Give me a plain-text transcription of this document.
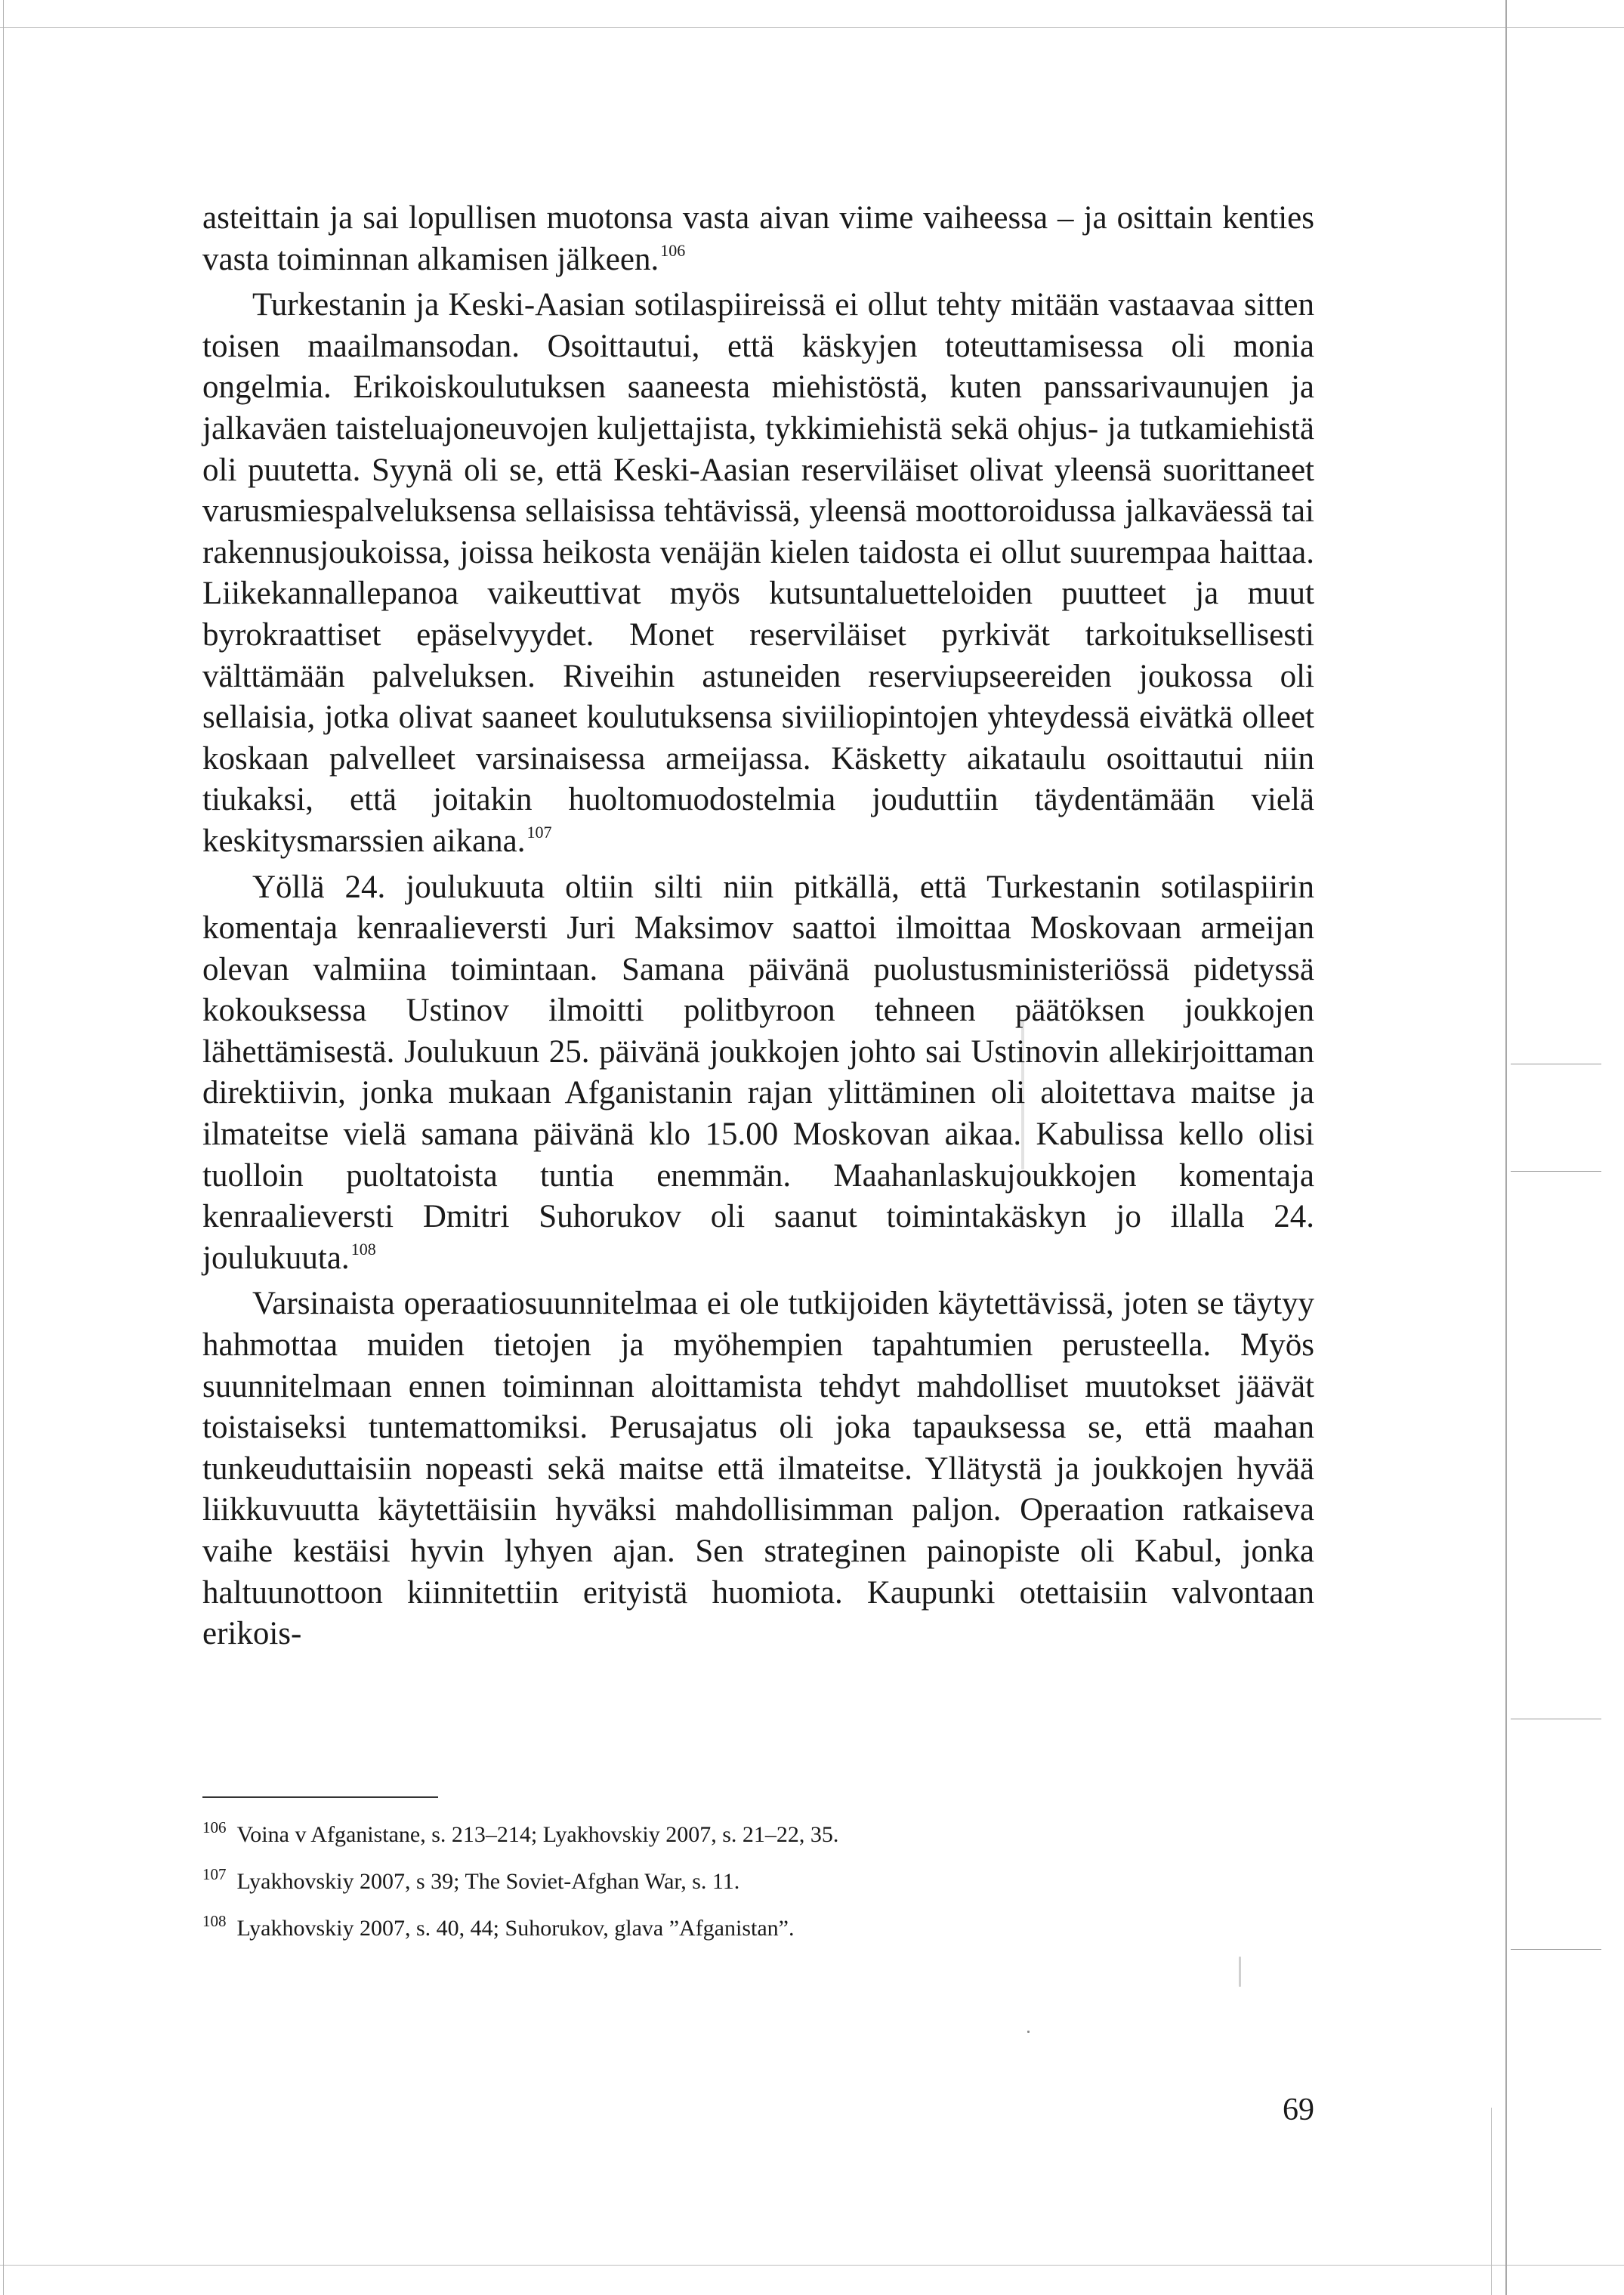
asteittain ja sai lopullisen muotonsa vasta aivan viime vaiheessa – ja osittain kenties vasta toiminnan alkamisen jälkeen.$^{106}$

Turkestanin ja Keski-Aasian sotilaspiireissä ei ollut tehty mitään vastaavaa sitten toisen maailmansodan. Osoittautui, että käskyjen toteuttamisessa oli monia ongelmia. Erikoiskoulutuksen saaneesta miehistöstä, kuten panssarivaunujen ja jalkaväen taisteluajoneuvojen kuljettajista, tykkimiehistä sekä ohjus- ja tutkamiehistä oli puutetta. Syynä oli se, että Keski-Aasian reserviläiset olivat yleensä suorittaneet varusmiespalveluksensa sellaisissa tehtävissä, yleensä moottoroidussa jalkaväessä tai rakennusjoukoissa, joissa heikosta venäjän kielen taidosta ei ollut suurempaa haittaa. Liikekannallepanoa vaikeuttivat myös kutsuntaluetteloiden puutteet ja muut byrokraattiset epäselvyydet. Monet reserviläiset pyrkivät tarkoituksellisesti välttämään palveluksen. Riveihin astuneiden reserviupseereiden joukossa oli sellaisia, jotka olivat saaneet koulutuksensa siviiliopintojen yhteydessä eivätkä olleet koskaan palvelleet varsinaisessa armeijassa. Käsketty aikataulu osoittautui niin tiukaksi, että joitakin huoltomuodostelmia jouduttiin täydentämään vielä keskitysmarssien aikana.$^{107}$

Yöllä 24. joulukuuta oltiin silti niin pitkällä, että Turkestanin sotilaspiirin komentaja kenraalieversti Juri Maksimov saattoi ilmoittaa Moskovaan armeijan olevan valmiina toimintaan. Samana päivänä puolustusministeriössä pidetyssä kokouksessa Ustinov ilmoitti politbyroon tehneen päätöksen joukkojen lähettämisestä. Joulukuun 25. päivänä joukkojen johto sai Ustinovin allekirjoittaman direktiivin, jonka mukaan Afganistanin rajan ylittäminen oli aloitettava maitse ja ilmateitse vielä samana päivänä klo 15.00 Moskovan aikaa. Kabulissa kello olisi tuolloin puoltatoista tuntia enemmän. Maahanlaskujoukkojen komentaja kenraalieversti Dmitri Suhorukov oli saanut toimintakäskyn jo illalla 24. joulukuuta.$^{108}$

Varsinaista operaatiosuunnitelmaa ei ole tutkijoiden käytettävissä, joten se täytyy hahmottaa muiden tietojen ja myöhempien tapahtumien perusteella. Myös suunnitelmaan ennen toiminnan aloittamista tehdyt mahdolliset muutokset jäävät toistaiseksi tuntemattomiksi. Perusajatus oli joka tapauksessa se, että maahan tunkeuduttaisiin nopeasti sekä maitse että ilmateitse. Yllätystä ja joukkojen hyvää liikkuvuutta käytettäisiin hyväksi mahdollisimman paljon. Operaation ratkaiseva vaihe kestäisi hyvin lyhyen ajan. Sen strateginen painopiste oli Kabul, jonka haltuunottoon kiinnitettiin erityistä huomiota. Kaupunki otettaisiin valvontaan erikois-

$^{106}$ Voina v Afganistane, s. 213–214; Lyakhovskiy 2007, s. 21–22, 35.

$^{107}$ Lyakhovskiy 2007, s 39; The Soviet-Afghan War, s. 11.

$^{108}$ Lyakhovskiy 2007, s. 40, 44; Suhorukov, glava ”Afganistan”.

69
